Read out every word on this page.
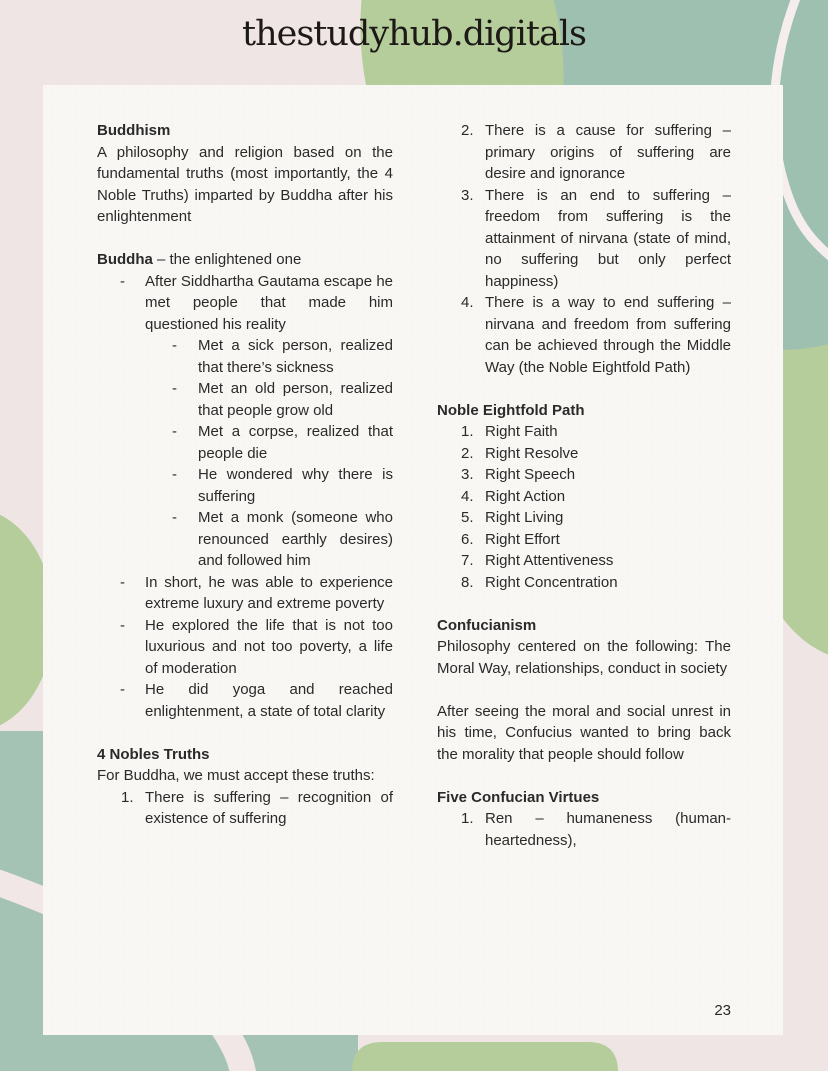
thestudyhub.digitals
Buddhism
A philosophy and religion based on the fundamental truths (most importantly, the 4 Noble Truths) imparted by Buddha after his enlightenment
Buddha – the enlightened one
- After Siddhartha Gautama escape he met people that made him questioned his reality
- Met a sick person, realized that there’s sickness
- Met an old person, realized that people grow old
- Met a corpse, realized that people die
- He wondered why there is suffering
- Met a monk (someone who renounced earthly desires) and followed him
- In short, he was able to experience extreme luxury and extreme poverty
- He explored the life that is not too luxurious and not too poverty, a life of moderation
- He did yoga and reached enlightenment, a state of total clarity
4 Nobles Truths
For Buddha, we must accept these truths:
1. There is suffering – recognition of existence of suffering
2. There is a cause for suffering – primary origins of suffering are desire and ignorance
3. There is an end to suffering – freedom from suffering is the attainment of nirvana (state of mind, no suffering but only perfect happiness)
4. There is a way to end suffering – nirvana and freedom from suffering can be achieved through the Middle Way (the Noble Eightfold Path)
Noble Eightfold Path
1. Right Faith
2. Right Resolve
3. Right Speech
4. Right Action
5. Right Living
6. Right Effort
7. Right Attentiveness
8. Right Concentration
Confucianism
Philosophy centered on the following: The Moral Way, relationships, conduct in society
After seeing the moral and social unrest in his time, Confucius wanted to bring back the morality that people should follow
Five Confucian Virtues
1. Ren – humaneness (human-heartedness),
23
